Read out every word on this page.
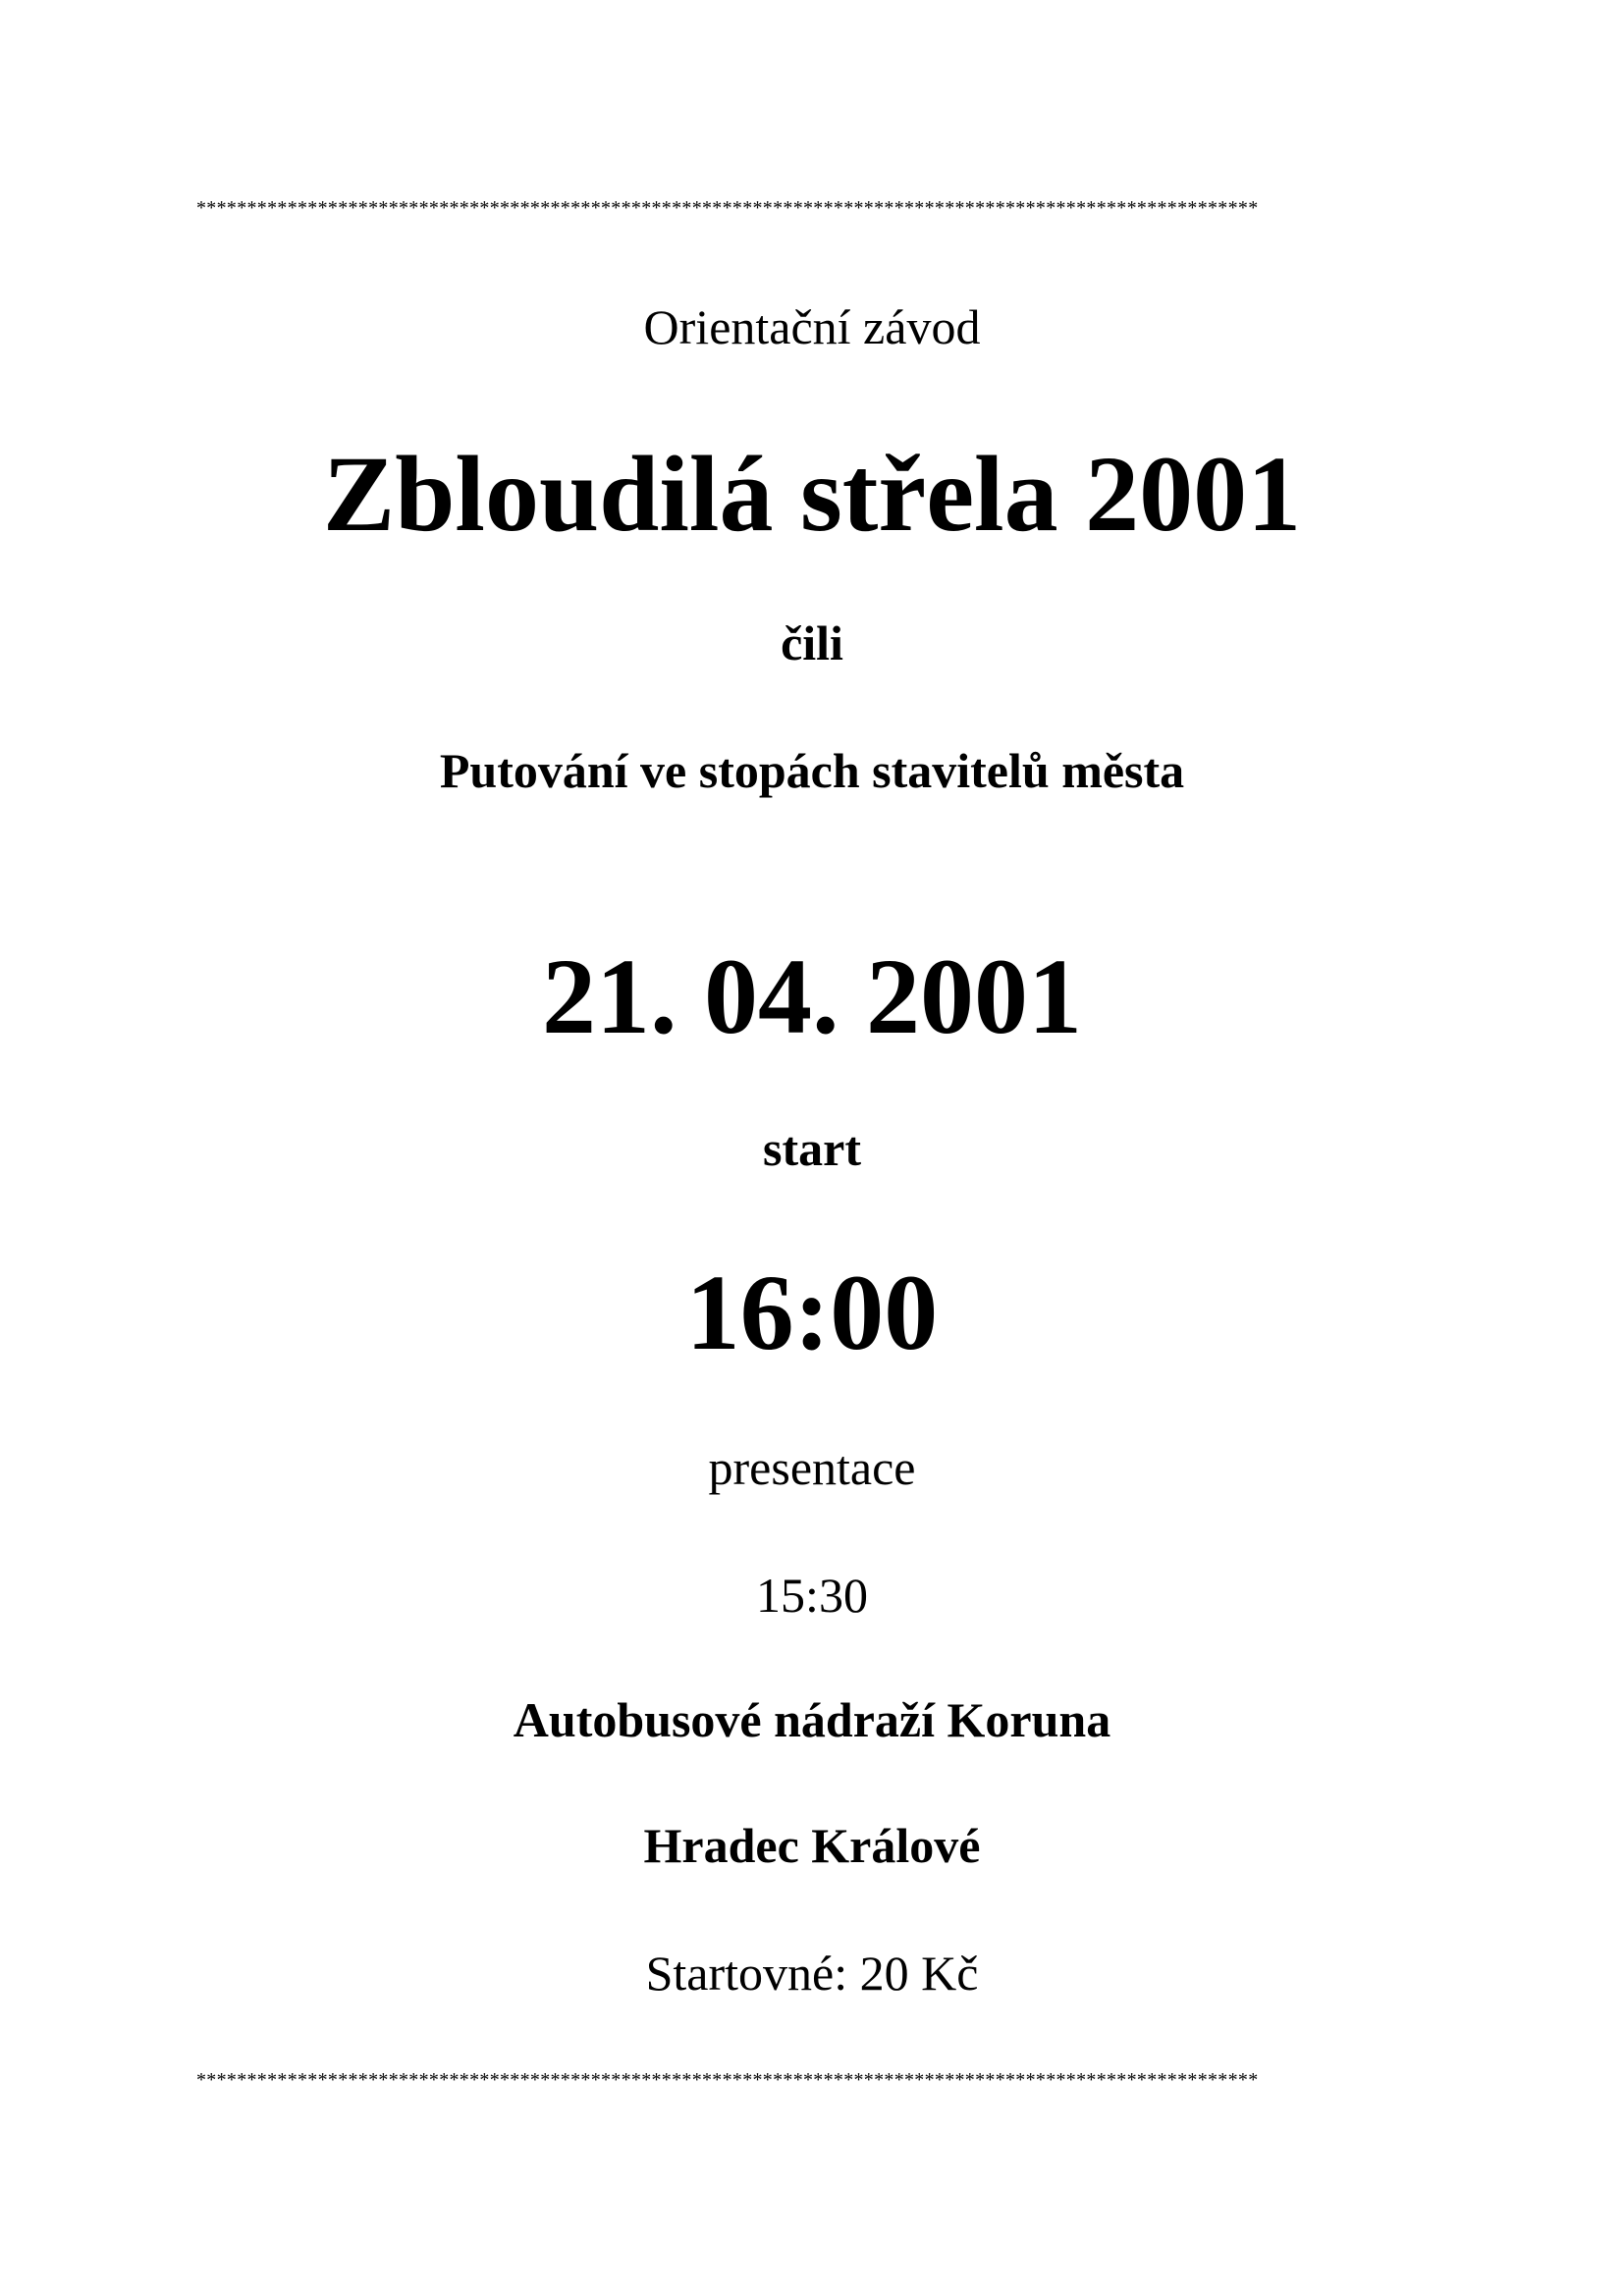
*********************************************************************************************************
Orientační závod
Zbloudilá střela 2001
čili
Putování ve stopách stavitelů města
21. 04. 2001
start
16:00
presentace
15:30
Autobusové nádraží Koruna
Hradec Králové
Startovné: 20 Kč
*********************************************************************************************************
